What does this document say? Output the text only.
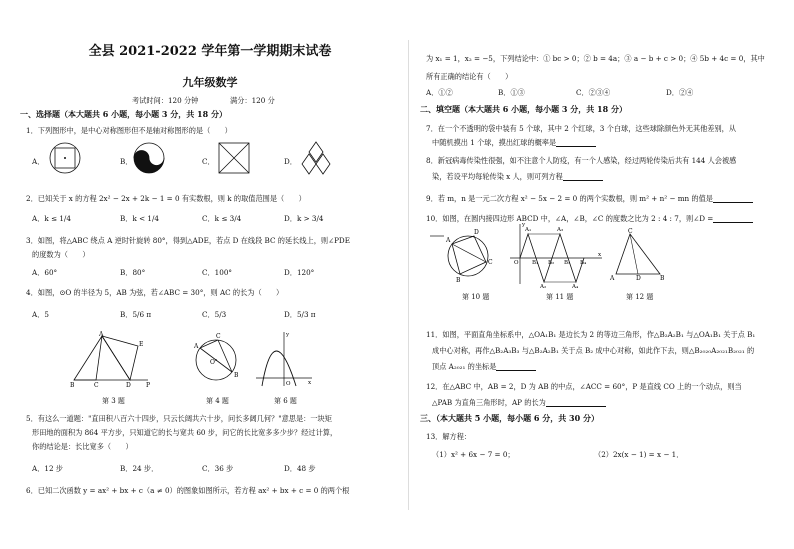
全县 2021-2022 学年第一学期期末试卷
九年级数学
考试时间：120 分钟	满分：120 分
一、选择题（本大题共 6 小题，每小题 3 分，共 18 分）
1．下列图形中，是中心对称图形但不是轴对称图形的是（　　）
A．	B．	C．	D．
2．已知关于 x 的方程 2x² − 2x + 2k − 1 = 0 有实数根，则 k 的取值范围是（　　）
A．k ≤ 1/4	B．k < 1/4	C．k ≤ 3/4	D．k > 3/4
3．如图，将△ABC 绕点 A 逆时针旋转 80°，得到△ADE，若点 D 在线段 BC 的延长线上，则∠PDE
的度数为（　　）
A．60°	B．80°	C．100°	D．120°
4．如图，⊙O 的半径为 5，AB 为弦，若∠ABC = 30°，则 AC 的长为（　　）
A．5	B．5/6 π	C．5/3	D．5/3 π
A
B	C	D	P
E
O
C
B
A
x
y
O
第 3 题	第 4 题	第 6 题
5．有这么一道题："直田积八百六十四步，只云长阔共六十步，问长多阔几何？"意思是：一块矩
形田地的面积为 864 平方步，只知道它的长与宽共 60 步，问它的长比宽多多少步？经过计算，
你的结论是：长比宽多（　　）
A．12 步	B．24 步．	C．36 步	D．48 步
6．已知二次函数 y = ax² + bx + c（a ≠ 0）的图象如图所示，若方程 ax² + bx + c = 0 的两个根
为 x₁ = 1，x₂ = −5，下列结论中：① bc > 0；② b = 4a；③ a − b + c > 0；④ 5b + 4c = 0，其中
所有正确的结论有（　　）
A．①②	B．①③	C．②③④	D．②④
二、填空题（本大题共 6 小题，每小题 3 分，共 18 分）
7．在一个不透明的袋中装有 5 个球，其中 2 个红球，3 个白球，这些球除颜色外无其他差别，从
中随机摸出 1 个球，摸出红球的概率是
8．新冠病毒传染性很强，如不注意个人防疫，有一个人感染，经过两轮传染后共有 144 人会被感
染，若设平均每轮传染 x 人，则可列方程
9．若 m，n 是一元二次方程 x² − 5x − 2 = 0 的两个实数根，则 m² + n² − mn 的值是
10．如图，在圆内接四边形 ABCD 中，∠A，∠B，∠C 的度数之比为 2 : 4 : 7，则∠D =
A
D
C
B
A₁	A₃
A₂	A₄
O B₁ B₂ B₃ B₄
x
y
C
A	D	B
第 10 题	第 11 题	第 12 题
11．如图，平面直角坐标系中，△OA₁B₁ 是边长为 2 的等边三角形，作△B₂A₂B₁ 与△OA₁B₁ 关于点 B₁
成中心对称，再作△B₂A₃B₃ 与△B₂A₂B₁ 关于点 B₂ 成中心对称，如此作下去，则△B₂₀₂₀A₂₀₂₁B₂₀₂₁ 的
顶点 A₂₀₂₁ 的坐标是
12．在△ABC 中，AB = 2，D 为 AB 的中点，∠ACC = 60°，P 是直线 CO 上的一个动点，则当
△PAB 为直角三角形时，AP 的长为
三、（本大题共 5 小题，每小题 6 分，共 30 分）
13．解方程：
（1）x² + 6x − 7 = 0；	（2）2x(x − 1) = x − 1．
